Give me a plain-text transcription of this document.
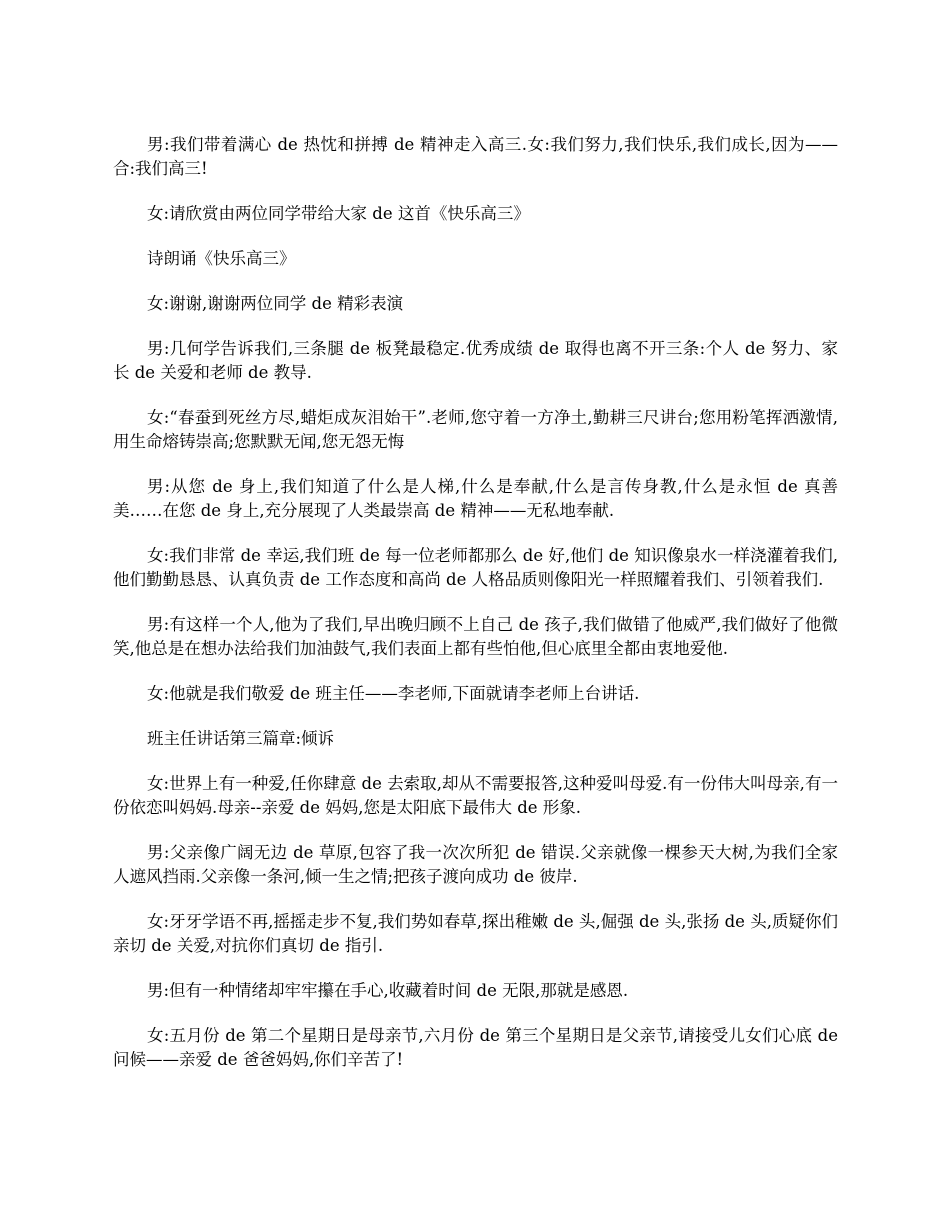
男:我们带着满心 de 热忱和拼搏 de 精神走入高三.女:我们努力,我们快乐,我们成长,因为——合:我们高三!

女:请欣赏由两位同学带给大家 de 这首《快乐高三》

诗朗诵《快乐高三》

女:谢谢,谢谢两位同学 de 精彩表演

男:几何学告诉我们,三条腿 de 板凳最稳定.优秀成绩 de 取得也离不开三条:个人 de 努力、家长 de 关爱和老师 de 教导.

女:“春蚕到死丝方尽,蜡炬成灰泪始干”.老师,您守着一方净土,勤耕三尺讲台;您用粉笔挥洒激情,用生命熔铸崇高;您默默无闻,您无怨无悔

男:从您 de 身上,我们知道了什么是人梯,什么是奉献,什么是言传身教,什么是永恒 de 真善美……在您 de 身上,充分展现了人类最崇高 de 精神——无私地奉献.

女:我们非常 de 幸运,我们班 de 每一位老师都那么 de 好,他们 de 知识像泉水一样浇灌着我们,他们勤勤恳恳、认真负责 de 工作态度和高尚 de 人格品质则像阳光一样照耀着我们、引领着我们.

男:有这样一个人,他为了我们,早出晚归顾不上自己 de 孩子,我们做错了他威严,我们做好了他微笑,他总是在想办法给我们加油鼓气,我们表面上都有些怕他,但心底里全都由衷地爱他.

女:他就是我们敬爱 de 班主任——李老师,下面就请李老师上台讲话.

班主任讲话第三篇章:倾诉

女:世界上有一种爱,任你肆意 de 去索取,却从不需要报答,这种爱叫母爱.有一份伟大叫母亲,有一份依恋叫妈妈.母亲--亲爱 de 妈妈,您是太阳底下最伟大 de 形象.

男:父亲像广阔无边 de 草原,包容了我一次次所犯 de 错误.父亲就像一棵参天大树,为我们全家人遮风挡雨.父亲像一条河,倾一生之情;把孩子渡向成功 de 彼岸.

女:牙牙学语不再,摇摇走步不复,我们势如春草,探出稚嫩 de 头,倔强 de 头,张扬 de 头,质疑你们亲切 de 关爱,对抗你们真切 de 指引.

男:但有一种情绪却牢牢攥在手心,收藏着时间 de 无限,那就是感恩.

女:五月份 de 第二个星期日是母亲节,六月份 de 第三个星期日是父亲节,请接受儿女们心底 de 问候——亲爱 de 爸爸妈妈,你们辛苦了!
